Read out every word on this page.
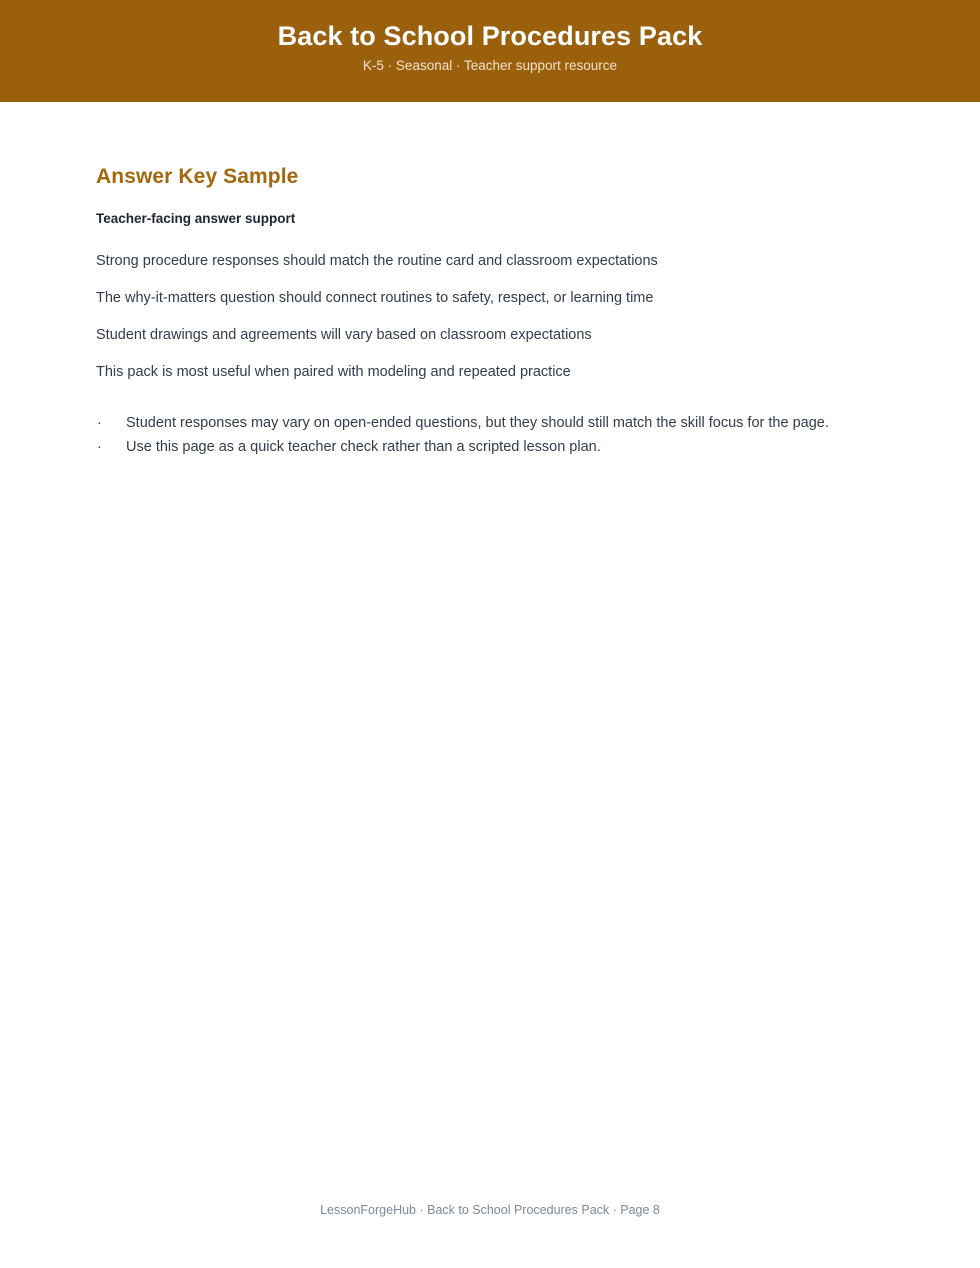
Back to School Procedures Pack
K-5 · Seasonal · Teacher support resource
Answer Key Sample
Teacher-facing answer support

Strong procedure responses should match the routine card and classroom expectations

The why-it-matters question should connect routines to safety, respect, or learning time

Student drawings and agreements will vary based on classroom expectations

This pack is most useful when paired with modeling and repeated practice

· Student responses may vary on open-ended questions, but they should still match the skill focus for the page.
· Use this page as a quick teacher check rather than a scripted lesson plan.

LessonForgeHub · Back to School Procedures Pack · Page 8
